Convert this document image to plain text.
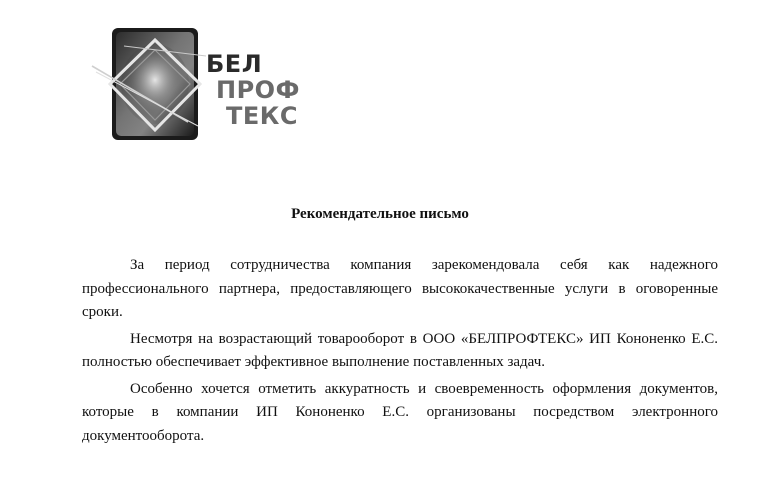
БЕЛ
ПРОФ
ТЕКС
Рекомендательное письмо

За период сотрудничества компания зарекомендовала себя как надежного профессионального партнера, предоставляющего высококачественные услуги в оговоренные сроки.

Несмотря на возрастающий товарооборот в ООО «БЕЛПРОФТЕКС» ИП Кононенко Е.С. полностью обеспечивает эффективное выполнение поставленных задач.

Особенно хочется отметить аккуратность и своевременность оформления документов, которые в компании ИП Кононенко Е.С. организованы посредством электронного документооборота.
